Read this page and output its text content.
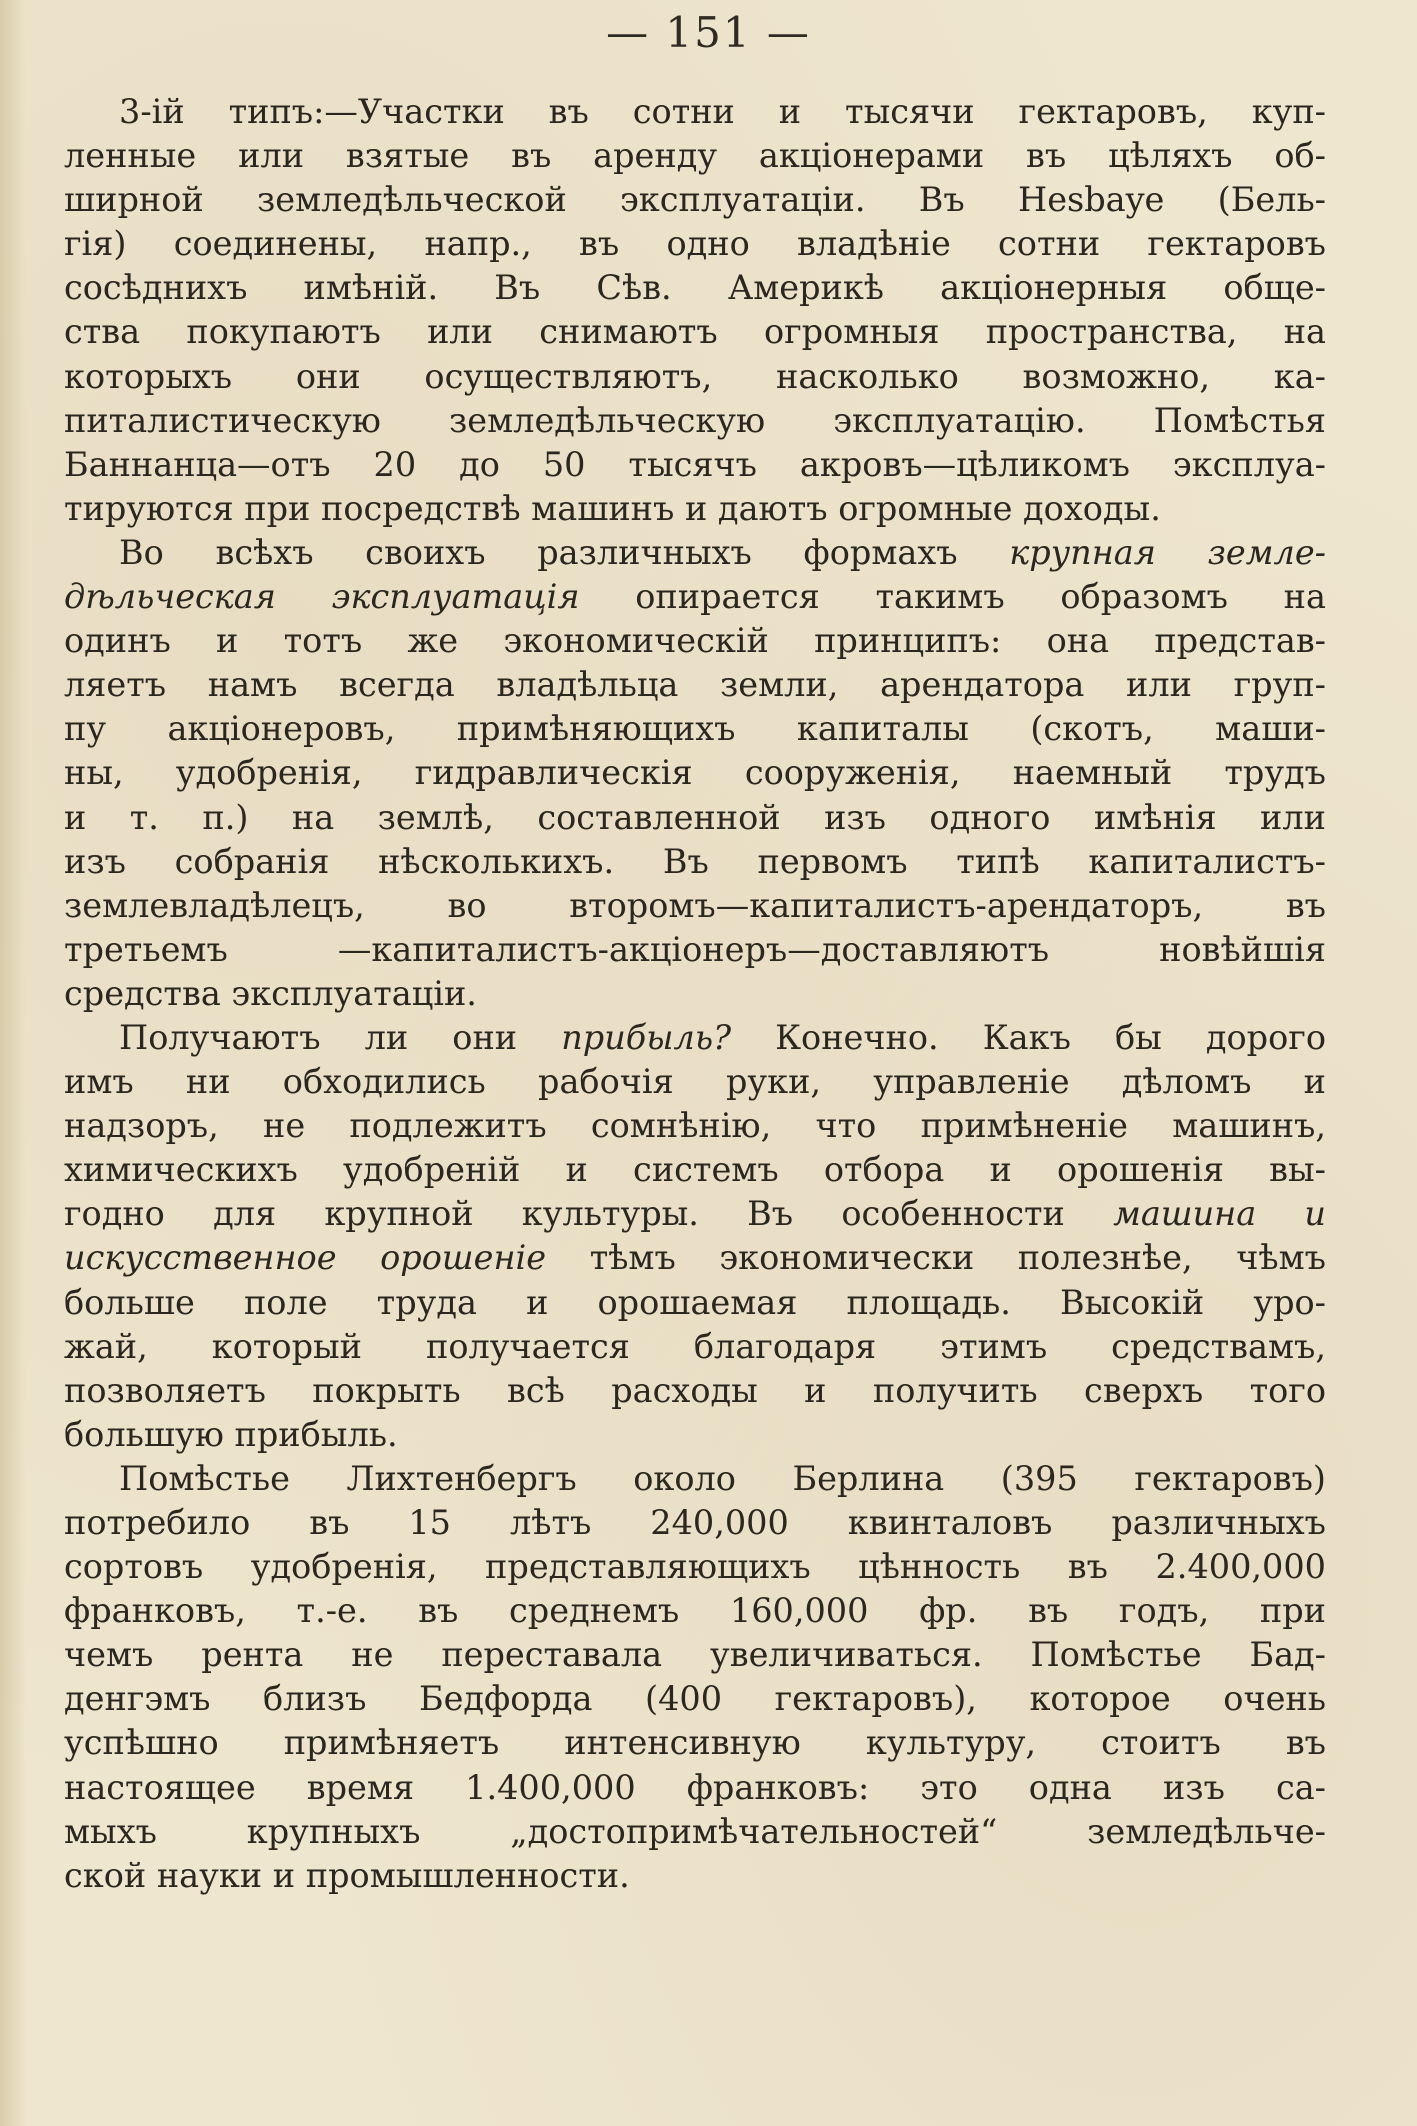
— 151 —
3-ій типъ:—Участки въ сотни и тысячи гектаровъ, куп-
ленные или взятые въ аренду акціонерами въ цѣляхъ об-
ширной земледѣльческой эксплуатаціи. Въ Hesbaye (Бель-
гія) соединены, напр., въ одно владѣніе сотни гектаровъ
сосѣднихъ имѣній. Въ Сѣв. Америкѣ акціонерныя обще-
ства покупаютъ или снимаютъ огромныя пространства, на
которыхъ они осуществляютъ, насколько возможно, ка-
питалистическую земледѣльческую эксплуатацію. Помѣстья
Баннанца—отъ 20 до 50 тысячъ акровъ—цѣликомъ эксплуа-
тируются при посредствѣ машинъ и даютъ огромные доходы.
Во всѣхъ своихъ различныхъ формахъ крупная земле-
дѣльческая эксплуатація опирается такимъ образомъ на
одинъ и тотъ же экономическій принципъ: она представ-
ляетъ намъ всегда владѣльца земли, арендатора или груп-
пу акціонеровъ, примѣняющихъ капиталы (скотъ, маши-
ны, удобренія, гидравлическія сооруженія, наемный трудъ
и т. п.) на землѣ, составленной изъ одного имѣнія или
изъ собранія нѣсколькихъ. Въ первомъ типѣ капиталистъ-
землевладѣлецъ, во второмъ—капиталистъ-арендаторъ, въ
третьемъ —капиталистъ-акціонеръ—доставляютъ новѣйшія
средства эксплуатаціи.
Получаютъ ли они прибыль? Конечно. Какъ бы дорого
имъ ни обходились рабочія руки, управленіе дѣломъ и
надзоръ, не подлежитъ сомнѣнію, что примѣненіе машинъ,
химическихъ удобреній и системъ отбора и орошенія вы-
годно для крупной культуры. Въ особенности машина и
искусственное орошеніе тѣмъ экономически полезнѣе, чѣмъ
больше поле труда и орошаемая площадь. Высокій уро-
жай, который получается благодаря этимъ средствамъ,
позволяетъ покрыть всѣ расходы и получить сверхъ того
большую прибыль.
Помѣстье Лихтенбергъ около Берлина (395 гектаровъ)
потребило въ 15 лѣтъ 240,000 квинталовъ различныхъ
сортовъ удобренія, представляющихъ цѣнность въ 2.400,000
франковъ, т.-е. въ среднемъ 160,000 фр. въ годъ, при
чемъ рента не переставала увеличиваться. Помѣстье Бад-
денгэмъ близъ Бедфорда (400 гектаровъ), которое очень
успѣшно примѣняетъ интенсивную культуру, стоитъ въ
настоящее время 1.400,000 франковъ: это одна изъ са-
мыхъ крупныхъ „достопримѣчательностей“ земледѣльче-
ской науки и промышленности.
